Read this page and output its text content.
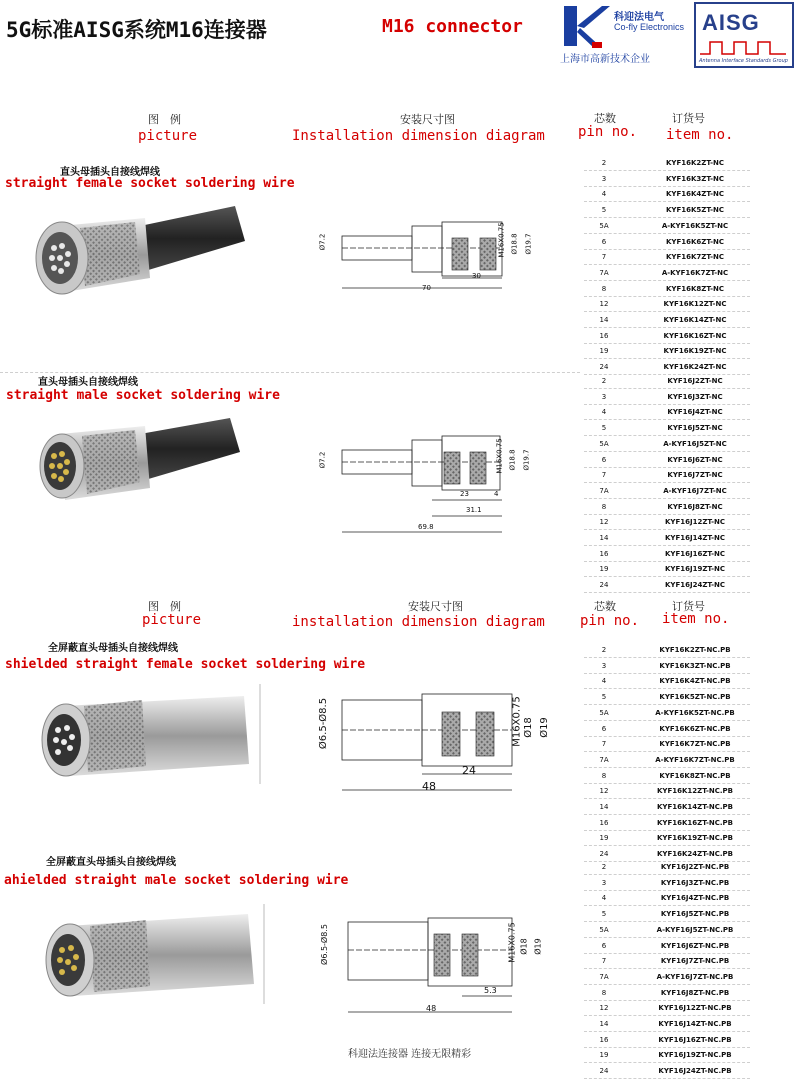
5G标准AISG系统M16连接器	M16 connector	科迎法电气
Co-fly Electronics
上海市高新技术企业
AISG
Antenna Interface Standards Group
图　例
picture
安装尺寸图
Installation dimension diagram
芯数
pin no.
订货号
item no.
直头母插头自接线焊线
straight female socket soldering wire
Ø7.2	M16X0.75 Ø18.8 Ø19.7
30
70
直头母插头自接线焊线
straight male socket soldering wire
Ø7.2	M16X0.75 Ø18.8 Ø19.7
23	4
31.1
69.8
图　例
picture
安装尺寸图
installation dimension diagram
芯数
pin no.
订货号
item no.
全屏蔽直头母插头自接线焊线
shielded straight female socket soldering wire
Ø6.5-Ø8.5	M16X0.75 Ø18 Ø19
24
48
全屏蔽直头母插头自接线焊线
ahielded straight male socket soldering wire
Ø6.5-Ø8.5	M16X0.75 Ø18 Ø19
5.3
48
2	KYF16K2ZT-NC
3	KYF16K3ZT-NC
4	KYF16K4ZT-NC
5	KYF16K5ZT-NC
5A	A-KYF16K5ZT-NC
6	KYF16K6ZT-NC
7	KYF16K7ZT-NC
7A	A-KYF16K7ZT-NC
8	KYF16K8ZT-NC
12	KYF16K12ZT-NC
14	KYF16K14ZT-NC
16	KYF16K16ZT-NC
19	KYF16K19ZT-NC
24	KYF16K24ZT-NC
2	KYF16J2ZT-NC
3	KYF16J3ZT-NC
4	KYF16J4ZT-NC
5	KYF16J5ZT-NC
5A	A-KYF16J5ZT-NC
6	KYF16J6ZT-NC
7	KYF16J7ZT-NC
7A	A-KYF16J7ZT-NC
8	KYF16J8ZT-NC
12	KYF16J12ZT-NC
14	KYF16J14ZT-NC
16	KYF16J16ZT-NC
19	KYF16J19ZT-NC
24	KYF16J24ZT-NC
2	KYF16K2ZT-NC.PB
3	KYF16K3ZT-NC.PB
4	KYF16K4ZT-NC.PB
5	KYF16K5ZT-NC.PB
5A	A-KYF16K5ZT-NC.PB
6	KYF16K6ZT-NC.PB
7	KYF16K7ZT-NC.PB
7A	A-KYF16K7ZT-NC.PB
8	KYF16K8ZT-NC.PB
12	KYF16K12ZT-NC.PB
14	KYF16K14ZT-NC.PB
16	KYF16K16ZT-NC.PB
19	KYF16K19ZT-NC.PB
24	KYF16K24ZT-NC.PB
2	KYF16J2ZT-NC.PB
3	KYF16J3ZT-NC.PB
4	KYF16J4ZT-NC.PB
5	KYF16J5ZT-NC.PB
5A	A-KYF16J5ZT-NC.PB
6	KYF16J6ZT-NC.PB
7	KYF16J7ZT-NC.PB
7A	A-KYF16J7ZT-NC.PB
8	KYF16J8ZT-NC.PB
12	KYF16J12ZT-NC.PB
14	KYF16J14ZT-NC.PB
16	KYF16J16ZT-NC.PB
19	KYF16J19ZT-NC.PB
24	KYF16J24ZT-NC.PB
科迎法连接器 连接无限精彩
